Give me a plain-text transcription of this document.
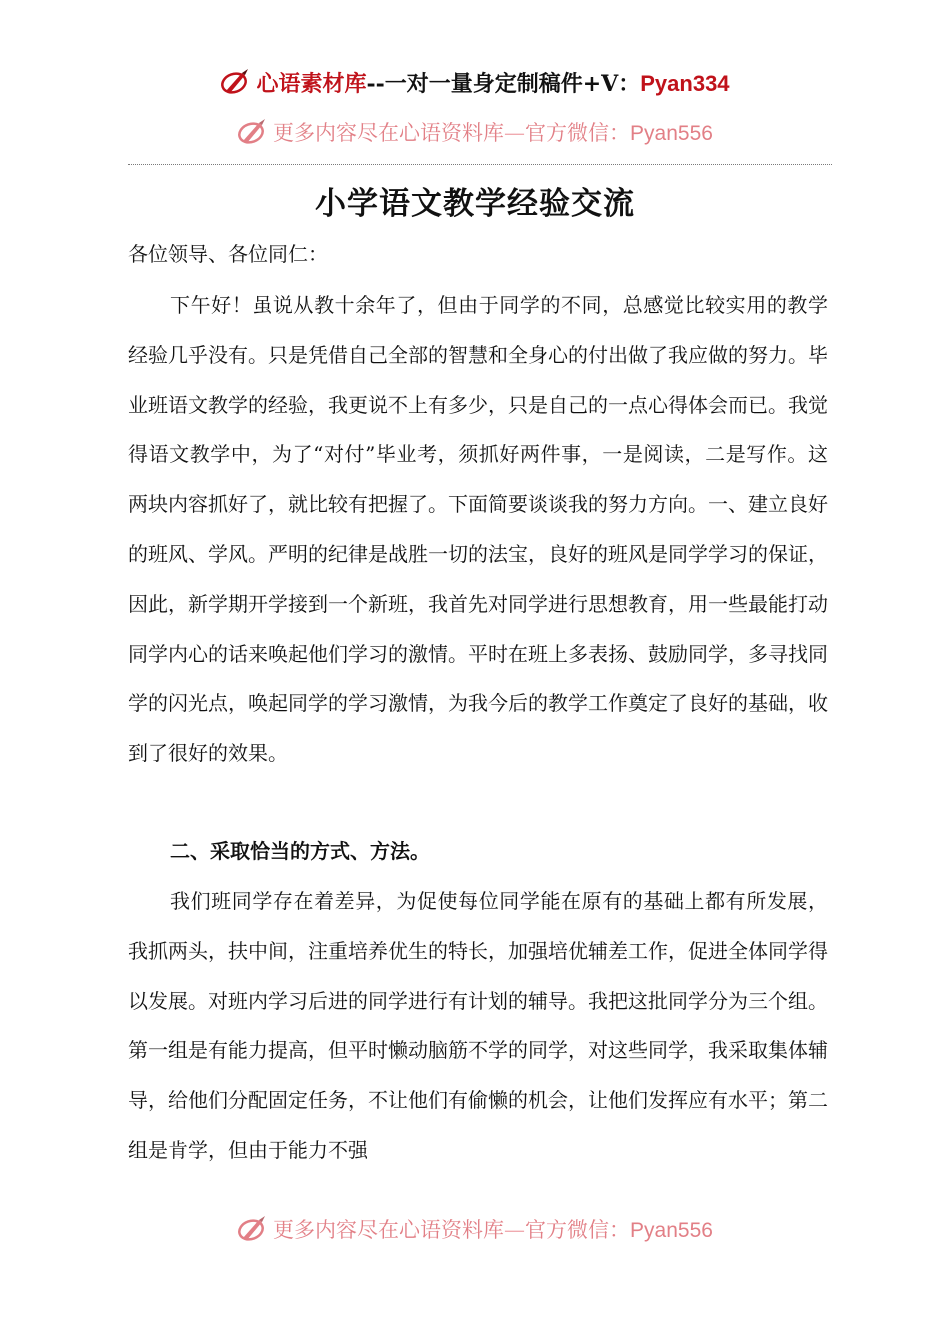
心语素材库--一对一量身定制稿件+V：Pyan334
更多内容尽在心语资料库—官方微信：Pyan556
小学语文教学经验交流
各位领导、各位同仁：

下午好！虽说从教十余年了，但由于同学的不同，总感觉比较实用的教学经验几乎没有。只是凭借自己全部的智慧和全身心的付出做了我应做的努力。毕业班语文教学的经验，我更说不上有多少，只是自己的一点心得体会而已。我觉得语文教学中，为了“对付”毕业考，须抓好两件事，一是阅读，二是写作。这两块内容抓好了，就比较有把握了。下面简要谈谈我的努力方向。一、建立良好的班风、学风。严明的纪律是战胜一切的法宝，良好的班风是同学学习的保证，因此，新学期开学接到一个新班，我首先对同学进行思想教育，用一些最能打动同学内心的话来唤起他们学习的激情。平时在班上多表扬、鼓励同学，多寻找同学的闪光点，唤起同学的学习激情，为我今后的教学工作奠定了良好的基础，收到了很好的效果。

二、采取恰当的方式、方法。

我们班同学存在着差异，为促使每位同学能在原有的基础上都有所发展，我抓两头，扶中间，注重培养优生的特长，加强培优辅差工作，促进全体同学得以发展。对班内学习后进的同学进行有计划的辅导。我把这批同学分为三个组。第一组是有能力提高，但平时懒动脑筋不学的同学，对这些同学，我采取集体辅导，给他们分配固定任务，不让他们有偷懒的机会，让他们发挥应有水平；第二组是肯学，但由于能力不强

更多内容尽在心语资料库—官方微信：Pyan556
